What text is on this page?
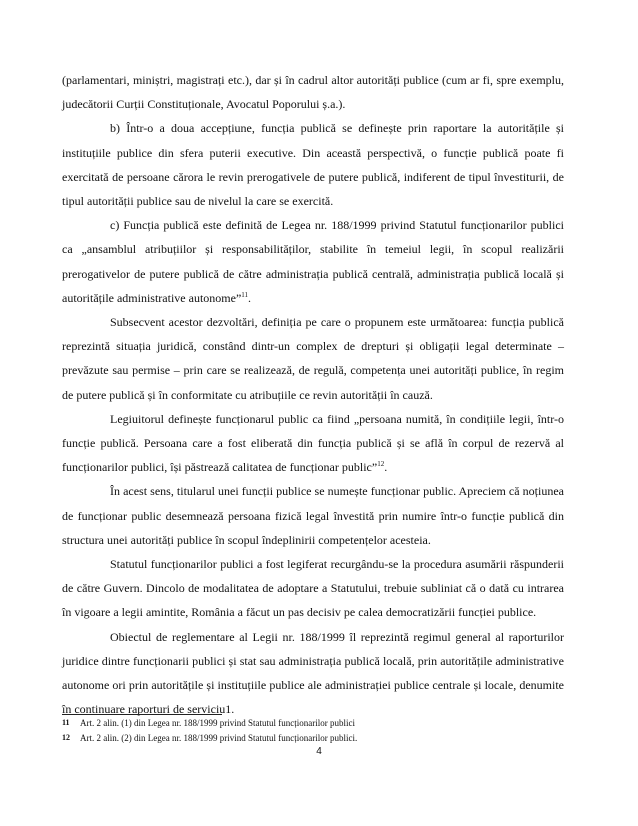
(parlamentari, miniștri, magistrați etc.), dar și în cadrul altor autorități publice (cum ar fi, spre exemplu, judecătorii Curții Constituționale, Avocatul Poporului ș.a.).

b) Într-o a doua accepțiune, funcția publică se definește prin raportare la autoritățile și instituțiile publice din sfera puterii executive. Din această perspectivă, o funcție publică poate fi exercitată de persoane cărora le revin prerogativele de putere publică, indiferent de tipul învestiturii, de tipul autorității publice sau de nivelul la care se exercită.

c) Funcția publică este definită de Legea nr. 188/1999 privind Statutul funcționarilor publici ca „ansamblul atribuțiilor și responsabilităților, stabilite în temeiul legii, în scopul realizării prerogativelor de putere publică de către administrația publică centrală, administrația publică locală și autoritățile administrative autonome”$^{11}$.

Subsecvent acestor dezvoltări, definiția pe care o propunem este următoarea: funcția publică reprezintă situația juridică, constând dintr-un complex de drepturi și obligații legal determinate – prevăzute sau permise – prin care se realizează, de regulă, competența unei autorități publice, în regim de putere publică și în conformitate cu atribuțiile ce revin autorității în cauză.

Legiuitorul definește funcționarul public ca fiind „persoana numită, în condițiile legii, într-o funcție publică. Persoana care a fost eliberată din funcția publică și se află în corpul de rezervă al funcționarilor publici, își păstrează calitatea de funcționar public”$^{12}$.

În acest sens, titularul unei funcții publice se numește funcționar public. Apreciem că noțiunea de funcționar public desemnează persoana fizică legal învestită prin numire într-o funcție publică din structura unei autorități publice în scopul îndeplinirii competențelor acesteia.

Statutul funcționarilor publici a fost legiferat recurgându-se la procedura asumării răspunderii de către Guvern. Dincolo de modalitatea de adoptare a Statutului, trebuie subliniat că o dată cu intrarea în vigoare a legii amintite, România a făcut un pas decisiv pe calea democratizării funcției publice.

Obiectul de reglementare al Legii nr. 188/1999 îl reprezintă regimul general al raporturilor juridice dintre funcționarii publici și stat sau administrația publică locală, prin autoritățile administrative autonome ori prin autoritățile și instituțiile publice ale administrației publice centrale și locale, denumite în continuare raporturi de serviciu1.

11 Art. 2 alin. (1) din Legea nr. 188/1999 privind Statutul funcționarilor publici

12 Art. 2 alin. (2) din Legea nr. 188/1999 privind Statutul funcționarilor publici.

4
